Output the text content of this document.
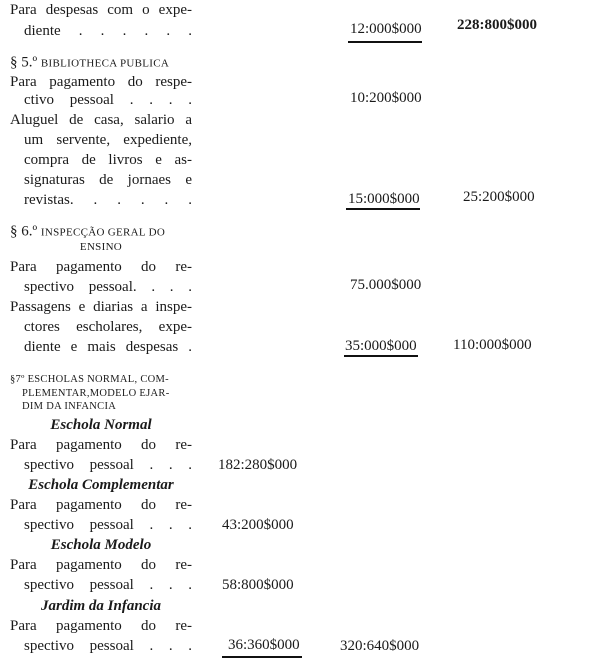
Para despesas com o expe-
diente . . . . . .	12:000$000 228:800$000
§ 5.º BIBLIOTHECA PUBLICA
Para pagamento do respe-
ctivo pessoal . . . .	10:200$000
Aluguel de casa, salario a
um servente, expediente,
compra de livros e as-
signaturas de jornaes e
revistas. . . . . .	15:000$000	25:200$000
§ 6.º INSPECÇÃO GERAL DO
ENSINO
Para pagamento do re-
spectivo pessoal. . . .	75.000$000
Passagens e diarias a inspe-
ctores escholares, expe-
diente e mais despesas .	35:000$000 110:000$000
§7º ESCHOLAS NORMAL, COM-
PLEMENTAR,MODELO EJAR-
DIM DA INFANCIA
Eschola Normal
Para pagamento do re-
spectivo pessoal . . . 182:280$000
Eschola Complementar
Para pagamento do re-
spectivo pessoal . . . 43:200$000
Eschola Modelo
Para pagamento do re-
spectivo pessoal . . . 58:800$000
Jardim da Infancia
Para pagamento do re-
spectivo pessoal . . . 36:360$000	320:640$000
